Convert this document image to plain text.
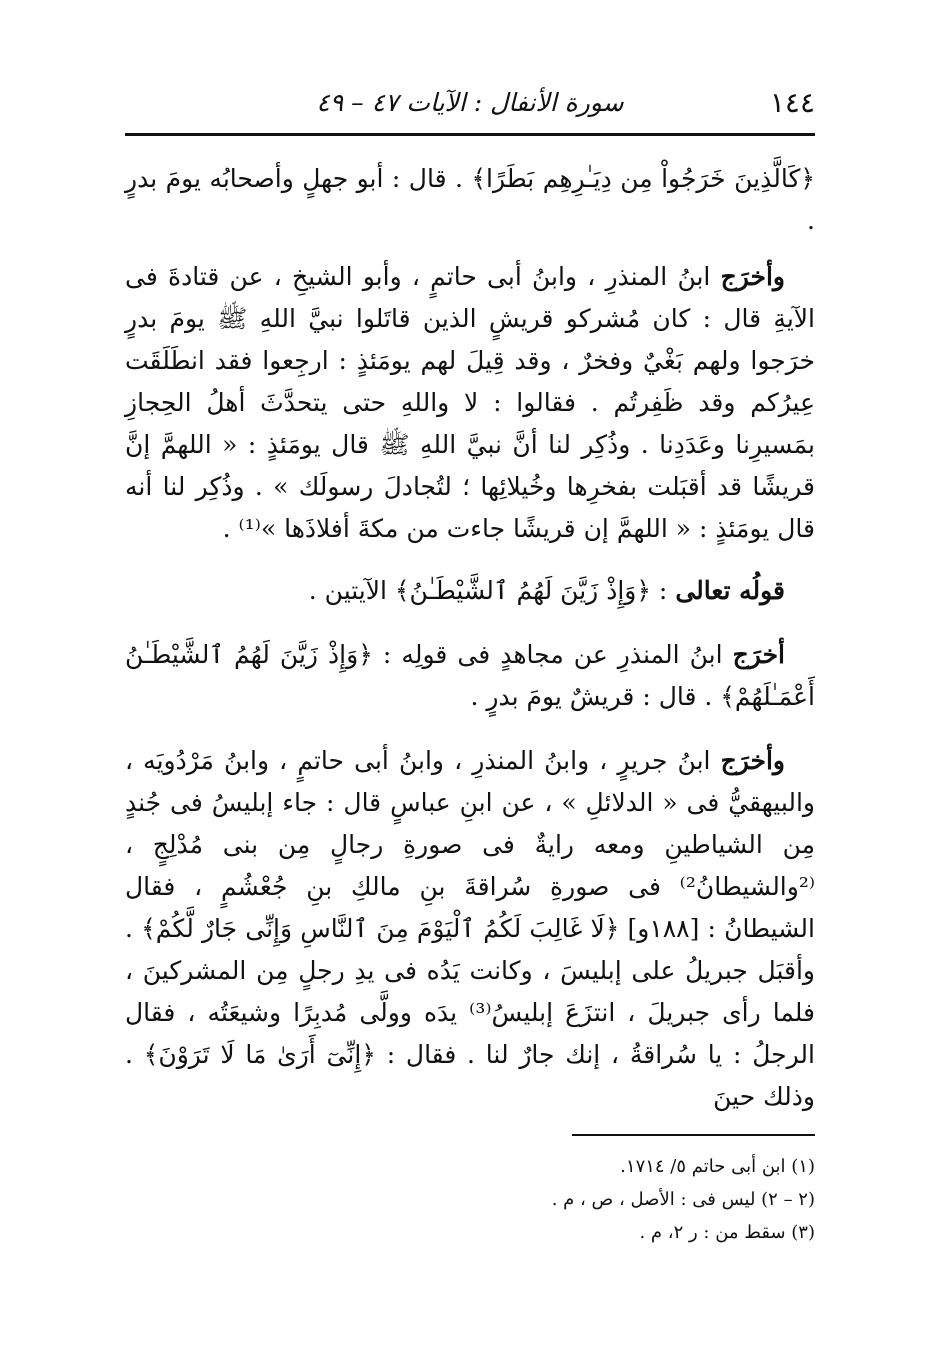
١٤٤
سورة الأنفال : الآيات ٤٧ – ٤٩

﴿كَالَّذِينَ خَرَجُواْ مِن دِيَـٰرِهِم بَطَرًا﴾ . قال : أبو جهلٍ وأصحابُه يومَ بدرٍ .

وأخرَج ابنُ المنذرِ ، وابنُ أبى حاتمٍ ، وأبو الشيخِ ، عن قتادةَ فى الآيةِ قال : كان مُشركو قريشٍ الذين قاتَلوا نبيَّ اللهِ ﷺ يومَ بدرٍ خرَجوا ولهم بَغْيٌ وفخرٌ ، وقد قِيلَ لهم يومَئذٍ : ارجِعوا فقد انطَلَقَت عِيرُكم وقد ظَفِرتُم . فقالوا : لا واللهِ حتى يتحدَّثَ أهلُ الحِجازِ بمَسيرِنا وعَدَدِنا . وذُكِر لنا أنَّ نبيَّ اللهِ ﷺ قال يومَئذٍ : « اللهمَّ إنَّ قريشًا قد أقبَلت بفخرِها وخُيلائِها ؛ لتُجادلَ رسولَك » . وذُكِر لنا أنه قال يومَئذٍ : « اللهمَّ إن قريشًا جاءت من مكةَ أفلاذَها »⁽¹⁾ .

قولُه تعالى : ﴿وَإِذْ زَيَّنَ لَهُمُ ٱلشَّيْطَـٰنُ﴾ الآيتين .

أخرَج ابنُ المنذرِ عن مجاهدٍ فى قولِه : ﴿وَإِذْ زَيَّنَ لَهُمُ ٱلشَّيْطَـٰنُ أَعْمَـٰلَهُمْ﴾ . قال : قريشٌ يومَ بدرٍ .

وأخرَج ابنُ جريرٍ ، وابنُ المنذرِ ، وابنُ أبى حاتمٍ ، وابنُ مَرْدُويَه ، والبيهقيُّ فى « الدلائلِ » ، عن ابنِ عباسٍ قال : جاء إبليسُ فى جُندٍ مِن الشياطينِ ومعه رايةٌ فى صورةِ رجالٍ مِن بنى مُدْلِجٍ ، ⁽²والشيطانُ²⁾ فى صورةِ سُراقةَ بنِ مالكِ بنِ جُعْشُمٍ ، فقال الشيطانُ : [١٨٨و] ﴿لَا غَالِبَ لَكُمُ ٱلْيَوْمَ مِنَ ٱلنَّاسِ وَإِنِّى جَارٌ لَّكُمْ﴾ . وأقبَل جبريلُ على إبليسَ ، وكانت يَدُه فى يدِ رجلٍ مِن المشركينَ ، فلما رأى جبريلَ ، انتزَعَ إبليسُ⁽³⁾ يدَه وولَّى مُدبِرًا وشيعَتُه ، فقال الرجلُ : يا سُراقةُ ، إنك جارٌ لنا . فقال : ﴿إِنِّىٓ أَرَىٰ مَا لَا تَرَوْنَ﴾ . وذلك حينَ

(١) ابن أبى حاتم ٥/ ١٧١٤.

(٢ – ٢) ليس فى : الأصل ، ص ، م .

(٣) سقط من : ر ٢، م .
